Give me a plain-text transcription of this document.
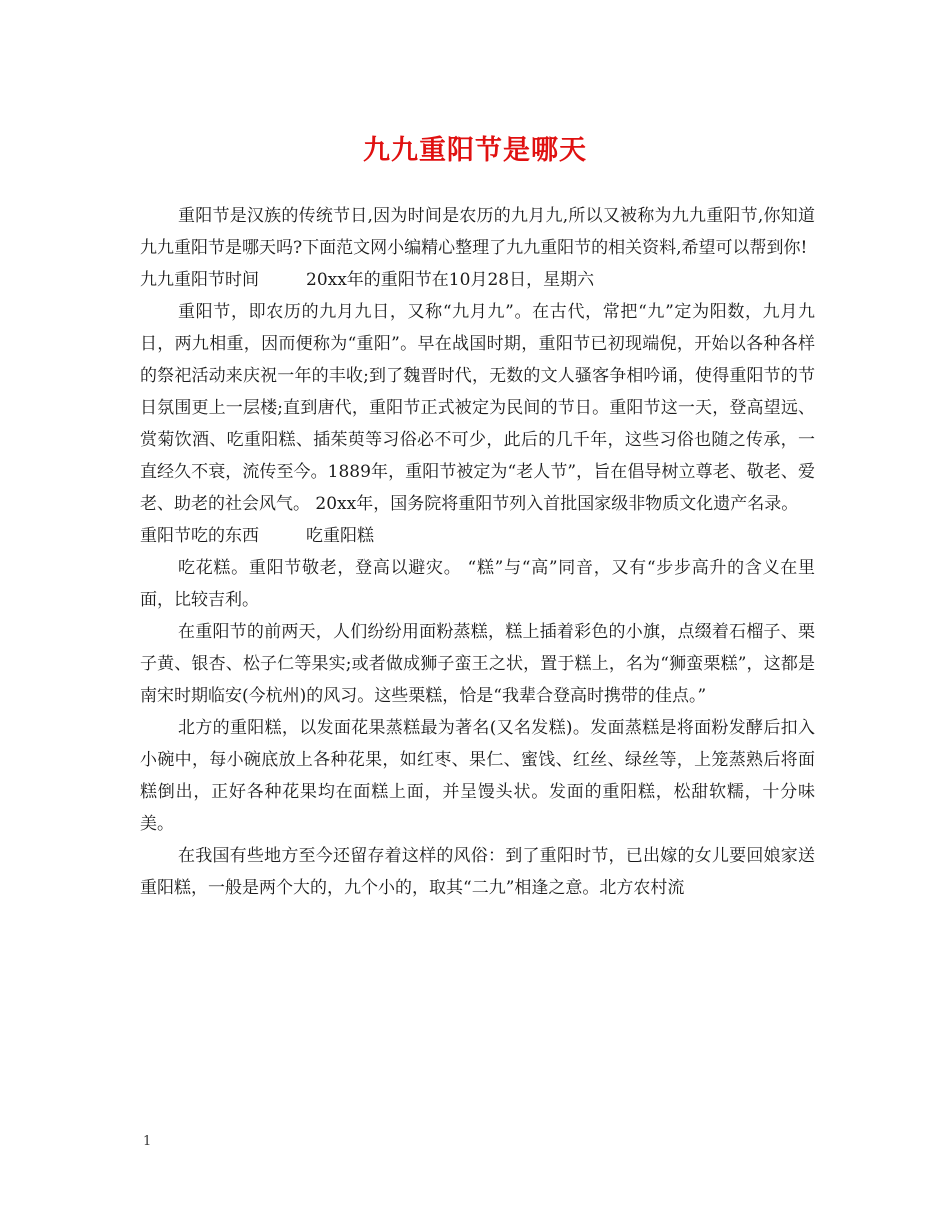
九九重阳节是哪天

重阳节是汉族的传统节日,因为时间是农历的九月九,所以又被称为九九重阳节,你知道九九重阳节是哪天吗?下面范文网小编精心整理了九九重阳节的相关资料,希望可以帮到你!

九九重阳节时间	20xx年的重阳节在10月28日，星期六

重阳节，即农历的九月九日，又称“九月九”。在古代，常把“九”定为阳数，九月九日，两九相重，因而便称为“重阳”。早在战国时期，重阳节已初现端倪，开始以各种各样的祭祀活动来庆祝一年的丰收;到了魏晋时代，无数的文人骚客争相吟诵，使得重阳节的节日氛围更上一层楼;直到唐代，重阳节正式被定为民间的节日。重阳节这一天，登高望远、赏菊饮酒、吃重阳糕、插茱萸等习俗必不可少，此后的几千年，这些习俗也随之传承，一直经久不衰，流传至今。1889年，重阳节被定为“老人节”，旨在倡导树立尊老、敬老、爱老、助老的社会风气。 20xx年，国务院将重阳节列入首批国家级非物质文化遗产名录。

重阳节吃的东西	吃重阳糕

吃花糕。重阳节敬老，登高以避灾。 “糕”与“高”同音，又有“步步高升的含义在里面，比较吉利。

在重阳节的前两天，人们纷纷用面粉蒸糕，糕上插着彩色的小旗，点缀着石榴子、栗子黄、银杏、松子仁等果实;或者做成狮子蛮王之状，置于糕上，名为“狮蛮栗糕”，这都是南宋时期临安(今杭州)的风习。这些栗糕，恰是“我辈合登高时携带的佳点。”

北方的重阳糕，以发面花果蒸糕最为著名(又名发糕)。发面蒸糕是将面粉发酵后扣入小碗中，每小碗底放上各种花果，如红枣、果仁、蜜饯、红丝、绿丝等，上笼蒸熟后将面糕倒出，正好各种花果均在面糕上面，并呈馒头状。发面的重阳糕，松甜软糯，十分味美。

在我国有些地方至今还留存着这样的风俗：到了重阳时节，已出嫁的女儿要回娘家送重阳糕，一般是两个大的，九个小的，取其“二九”相逢之意。北方农村流

1
